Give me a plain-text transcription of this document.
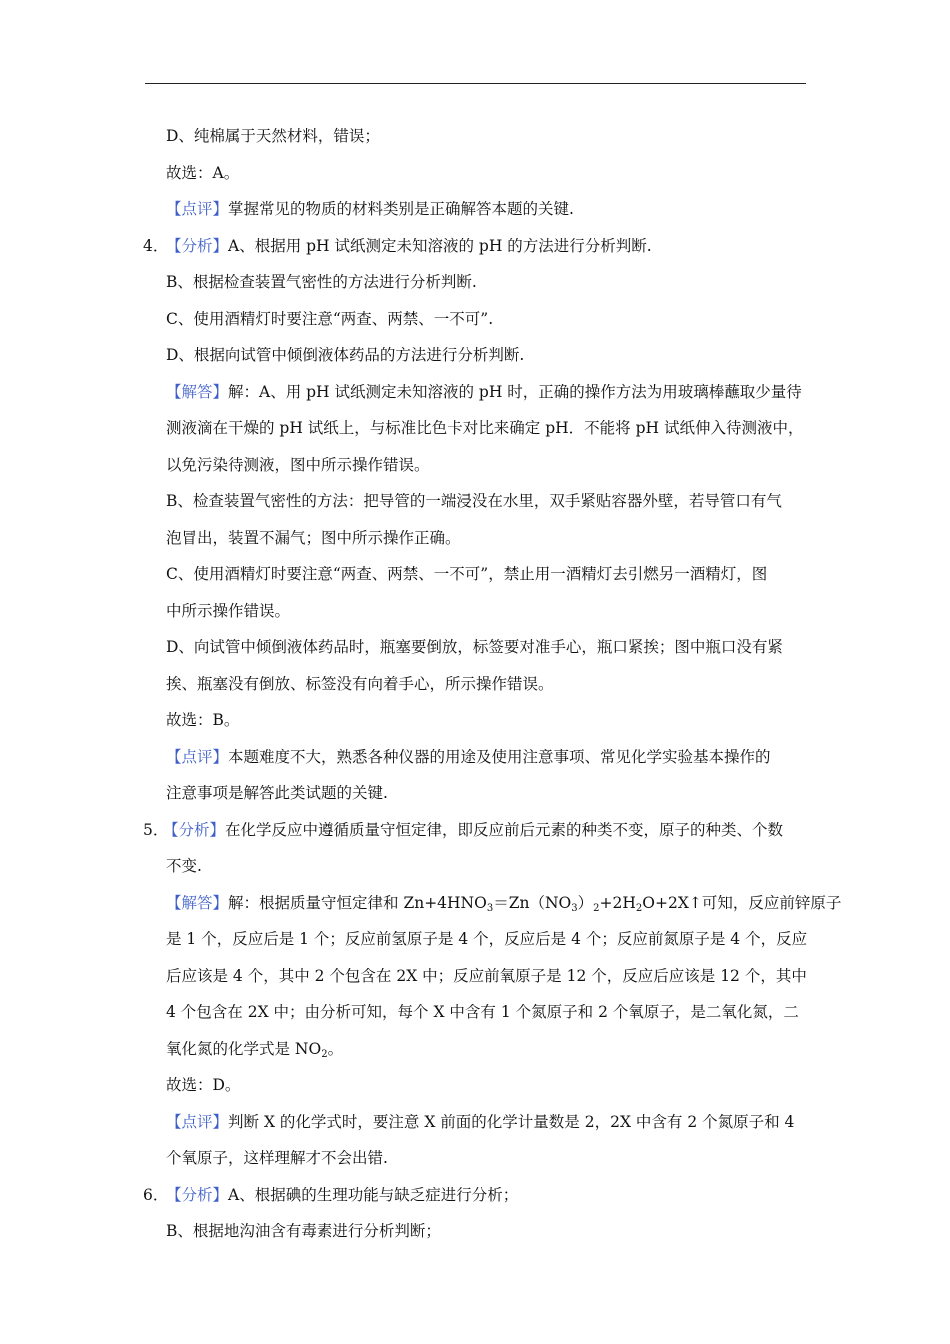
D、纯棉属于天然材料，错误；
故选：A。
【点评】掌握常见的物质的材料类别是正确解答本题的关键.
4．【分析】A、根据用 pH 试纸测定未知溶液的 pH 的方法进行分析判断.
B、根据检查装置气密性的方法进行分析判断.
C、使用酒精灯时要注意“两查、两禁、一不可”.
D、根据向试管中倾倒液体药品的方法进行分析判断.
【解答】解：A、用 pH 试纸测定未知溶液的 pH 时，正确的操作方法为用玻璃棒蘸取少量待
测液滴在干燥的 pH 试纸上，与标准比色卡对比来确定 pH．不能将 pH 试纸伸入待测液中，
以免污染待测液，图中所示操作错误。
B、检查装置气密性的方法：把导管的一端浸没在水里，双手紧贴容器外壁，若导管口有气
泡冒出，装置不漏气；图中所示操作正确。
C、使用酒精灯时要注意“两查、两禁、一不可”，禁止用一酒精灯去引燃另一酒精灯，图
中所示操作错误。
D、向试管中倾倒液体药品时，瓶塞要倒放，标签要对准手心，瓶口紧挨；图中瓶口没有紧
挨、瓶塞没有倒放、标签没有向着手心，所示操作错误。
故选：B。
【点评】本题难度不大，熟悉各种仪器的用途及使用注意事项、常见化学实验基本操作的
注意事项是解答此类试题的关键.
5．【分析】在化学反应中遵循质量守恒定律，即反应前后元素的种类不变，原子的种类、个数
不变.
【解答】解：根据质量守恒定律和 $Zn+4HNO_3=Zn(NO_3)_2+2H_2O+2X↑$可知，反应前锌原子
是 1 个，反应后是 1 个；反应前氢原子是 4 个，反应后是 4 个；反应前氮原子是 4 个，反应
后应该是 4 个，其中 2 个包含在 2X 中；反应前氧原子是 12 个，反应后应该是 12 个，其中
4 个包含在 2X 中；由分析可知，每个 X 中含有 1 个氮原子和 2 个氧原子，是二氧化氮，二
氧化氮的化学式是 $NO_2$。
故选：D。
【点评】判断 X 的化学式时，要注意 X 前面的化学计量数是 2，2X 中含有 2 个氮原子和 4
个氧原子，这样理解才不会出错.
6．【分析】A、根据碘的生理功能与缺乏症进行分析；
B、根据地沟油含有毒素进行分析判断；
